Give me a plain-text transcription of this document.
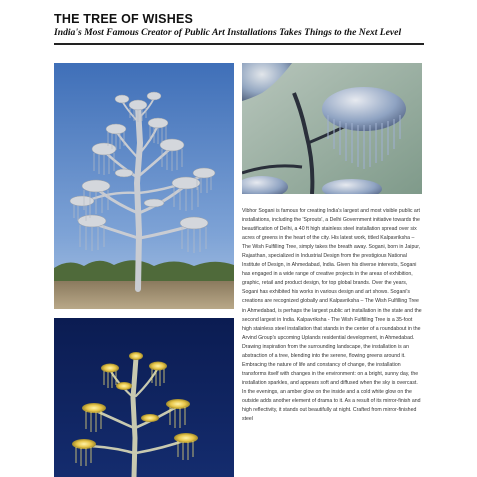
THE TREE OF WISHES

India's Most Famous Creator of Public Art Installations Takes Things to the Next Level

Vibhor Sogani is famous for creating India's largest and most visible public art installations, including the 'Sprouts', a Delhi Government initiative towards the beautification of Delhi, a 40 ft high stainless steel installation spread over six acres of greens in the heart of the city. His latest work, titled Kalpavriksha – The Wish Fulfilling Tree, simply takes the breath away. Sogani, born in Jaipur, Rajasthan, specialized in Industrial Design from the prestigious National Institute of Design, in Ahmedabad, India. Given his diverse interests, Sogani has engaged in a wide range of creative projects in the areas of exhibition, graphic, retail and product design, for top global brands. Over the years, Sogani has exhibited his works in various design and art shows. Sogani's creations are recognized globally and Kalpavriksha – The Wish Fulfilling Tree in Ahmedabad, is perhaps the largest public art installation in the state and the second largest in India. Kalpavriksha - The Wish Fulfilling Tree is a 35-foot high stainless steel installation that stands in the center of a roundabout in the Arvind Group's upcoming Uplands residential development, in Ahmedabad. Drawing inspiration from the surrounding landscape, the installation is an abstraction of a tree, blending into the serene, flowing greens around it. Embracing the nature of life and constancy of change, the installation transforms itself with changes in the environment: on a bright, sunny day, the installation sparkles, and appears soft and diffused when the sky is overcast. In the evenings, an amber glow on the inside and a cold white glow on the outside adds another element of drama to it. As a result of its mirror-finish and high reflectivity, it stands out beautifully at night. Crafted from mirror-finished steel
